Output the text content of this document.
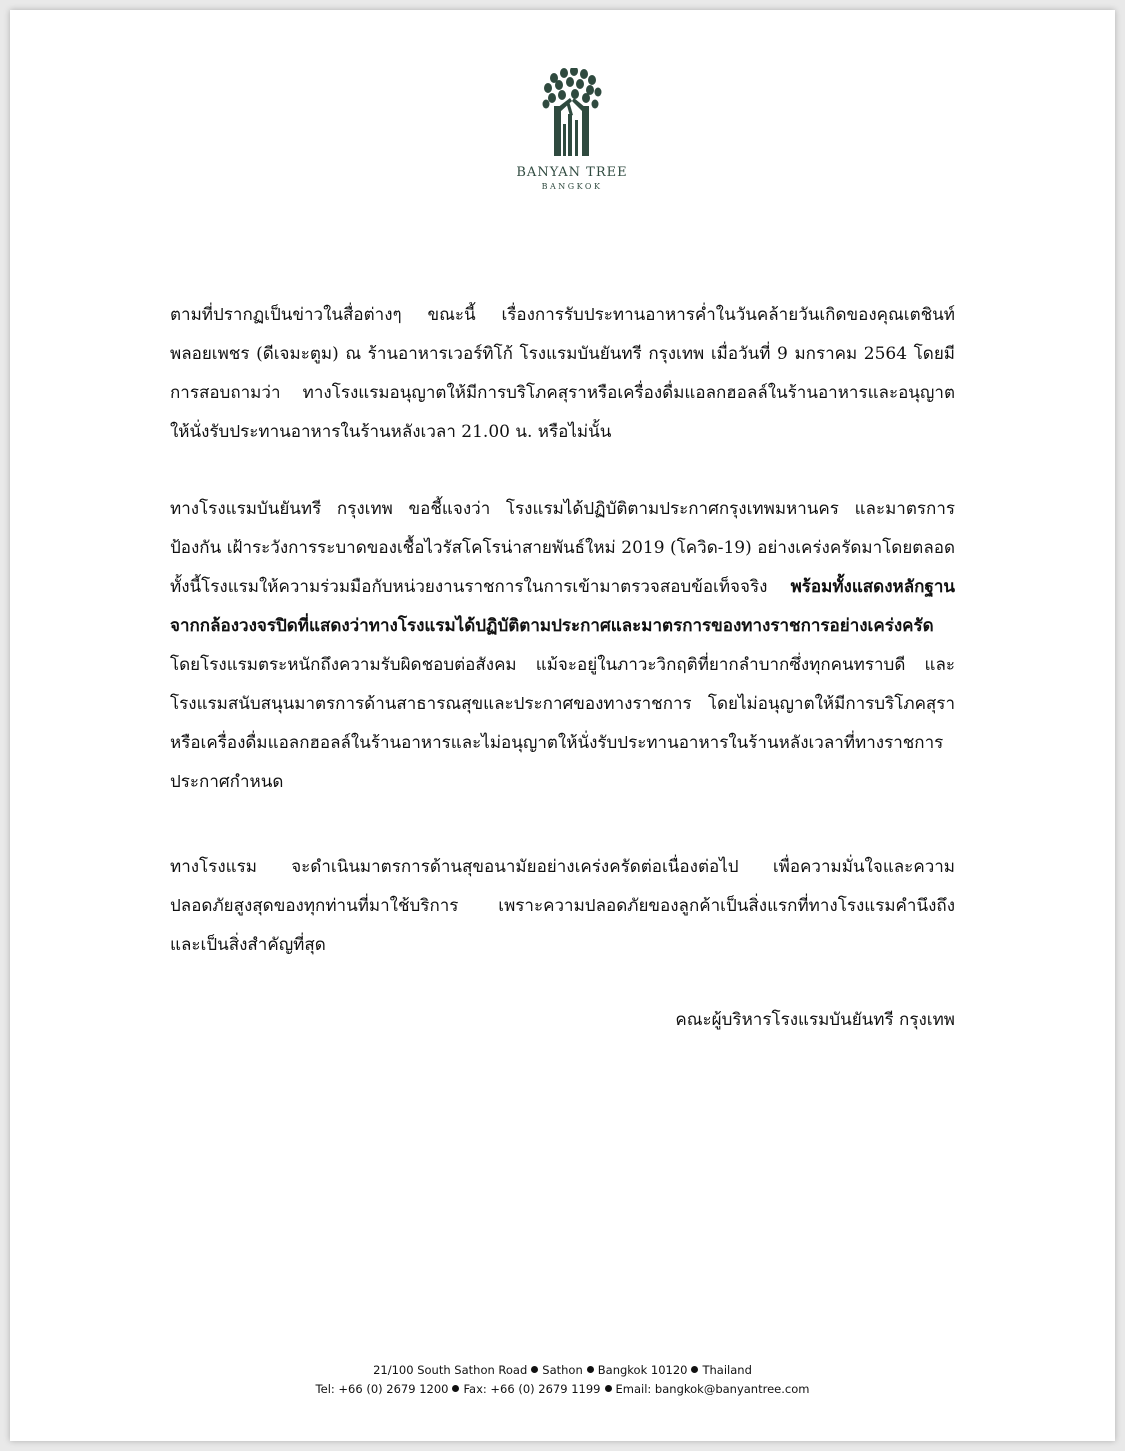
BANYAN TREE
BANGKOK
ตามที่ปรากฏเป็นข่าวในสื่อต่างๆ ขณะนี้ เรื่องการรับประทานอาหารค่ำในวันคล้ายวันเกิดของคุณเตชินท์ พลอยเพชร (ดีเจมะตูม) ณ ร้านอาหารเวอร์ทิโก้ โรงแรมบันยันทรี กรุงเทพ เมื่อวันที่ 9 มกราคม 2564 โดยมีการสอบถามว่า ทางโรงแรมอนุญาตให้มีการบริโภคสุราหรือเครื่องดื่มแอลกฮอลล์ในร้านอาหารและอนุญาตให้นั่งรับประทานอาหารในร้านหลังเวลา 21.00 น. หรือไม่นั้น
ทางโรงแรมบันยันทรี กรุงเทพ ขอชี้แจงว่า โรงแรมได้ปฏิบัติตามประกาศกรุงเทพมหานคร และมาตรการป้องกัน เฝ้าระวังการระบาดของเชื้อไวรัสโคโรน่าสายพันธ์ใหม่ 2019 (โควิด-19) อย่างเคร่งครัดมาโดยตลอด ทั้งนี้โรงแรมให้ความร่วมมือกับหน่วยงานราชการในการเข้ามาตรวจสอบข้อเท็จจริง พร้อมทั้งแสดงหลักฐานจากกล้องวงจรปิดที่แสดงว่าทางโรงแรมได้ปฏิบัติตามประกาศและมาตรการของทางราชการอย่างเคร่งครัด โดยโรงแรมตระหนักถึงความรับผิดชอบต่อสังคม แม้จะอยู่ในภาวะวิกฤติที่ยากลำบากซึ่งทุกคนทราบดี และโรงแรมสนับสนุนมาตรการด้านสาธารณสุขและประกาศของทางราชการ โดยไม่อนุญาตให้มีการบริโภคสุราหรือเครื่องดื่มแอลกฮอลล์ในร้านอาหารและไม่อนุญาตให้นั่งรับประทานอาหารในร้านหลังเวลาที่ทางราชการประกาศกำหนด
ทางโรงแรม จะดำเนินมาตรการด้านสุขอนามัยอย่างเคร่งครัดต่อเนื่องต่อไป เพื่อความมั่นใจและความปลอดภัยสูงสุดของทุกท่านที่มาใช้บริการ เพราะความปลอดภัยของลูกค้าเป็นสิ่งแรกที่ทางโรงแรมคำนึงถึง และเป็นสิ่งสำคัญที่สุด
คณะผู้บริหารโรงแรมบันยันทรี กรุงเทพ
21/100 South Sathon Road Sathon Bangkok 10120 Thailand
Tel: +66 (0) 2679 1200 Fax: +66 (0) 2679 1199 Email: bangkok@banyantree.com
